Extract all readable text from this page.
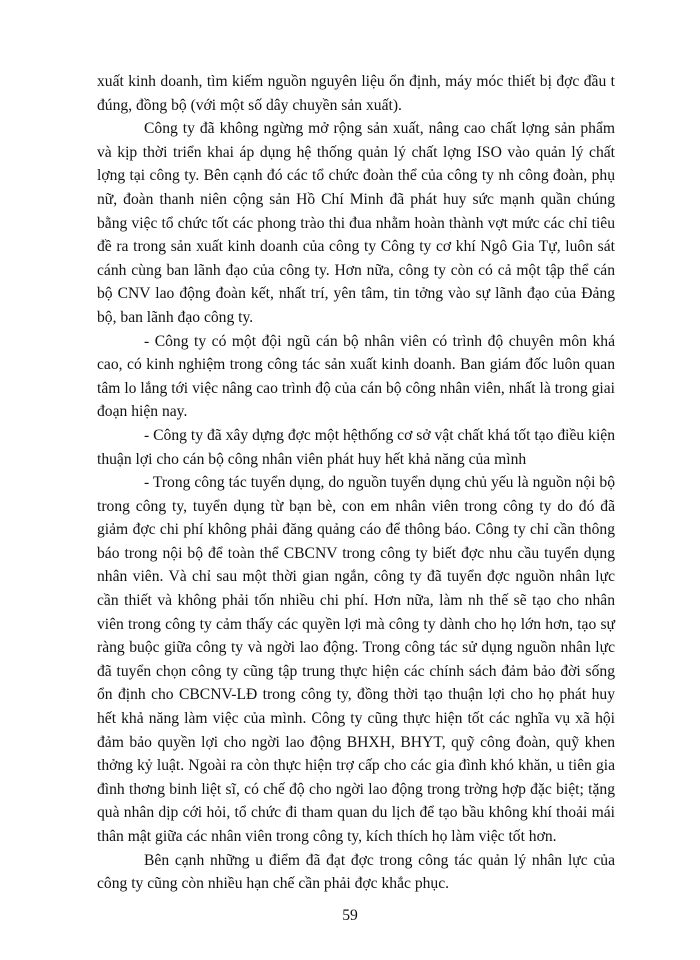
xuất kinh doanh, tìm kiếm nguồn nguyên liệu ổn định, máy móc thiết bị đợc đầu t đúng, đồng bộ (với một số dây chuyền sản xuất).

Công ty đã không ngừng mở rộng sản xuất, nâng cao chất lợng sản phẩm và kịp thời triển khai áp dụng hệ thống quản lý chất lợng ISO vào quản lý chất lợng tại công ty. Bên cạnh đó các tổ chức đoàn thể của công ty nh công đoàn, phụ nữ, đoàn thanh niên cộng sản Hồ Chí Minh đã phát huy sức mạnh quần chúng bằng việc tổ chức tốt các phong trào thi đua nhằm hoàn thành vợt mức các chỉ tiêu đề ra trong sản xuất kinh doanh của công ty Công ty cơ khí Ngô Gia Tự, luôn sát cánh cùng ban lãnh đạo của công ty. Hơn nữa, công ty còn có cả một tập thể cán bộ CNV lao động đoàn kết, nhất trí, yên tâm, tin tởng vào sự lãnh đạo của Đảng bộ, ban lãnh đạo công ty.

- Công ty có một đội ngũ cán bộ nhân viên có trình độ chuyên môn khá cao, có kinh nghiệm trong công tác sản xuất kinh doanh. Ban giám đốc luôn quan tâm lo lắng tới việc nâng cao trình độ của cán bộ công nhân viên, nhất là trong giai đoạn hiện nay.

- Công ty đã xây dựng đợc một hệthống cơ sở vật chất khá tốt tạo điều kiện thuận lợi cho cán bộ công nhân viên phát huy hết khả năng của mình

- Trong công tác tuyển dụng, do nguồn tuyển dụng chủ yếu là nguồn nội bộ trong công ty, tuyển dụng từ bạn bè, con em nhân viên trong công ty do đó đã giảm đợc chi phí không phải đăng quảng cáo để thông báo. Công ty chỉ cần thông báo trong nội bộ để toàn thể CBCNV trong công ty biết đợc nhu cầu tuyển dụng nhân viên. Và chỉ sau một thời gian ngắn, công ty đã tuyển đợc nguồn nhân lực cần thiết và không phải tốn nhiều chi phí. Hơn nữa, làm nh thế sẽ tạo cho nhân viên trong công ty cảm thấy các quyền lợi mà công ty dành cho họ lớn hơn, tạo sự ràng buộc giữa công ty và ngời lao động. Trong công tác sử dụng nguồn nhân lực đã tuyển chọn công ty cũng tập trung thực hiện các chính sách đảm bảo đời sống ổn định cho CBCNV-LĐ trong công ty, đồng thời tạo thuận lợi cho họ phát huy hết khả năng làm việc của mình. Công ty cũng thực hiện tốt các nghĩa vụ xã hội đảm bảo quyền lợi cho ngời lao động BHXH, BHYT, quỹ công đoàn, quỹ khen thởng kỷ luật. Ngoài ra còn thực hiện trợ cấp cho các gia đình khó khăn, u tiên gia đình thơng binh liệt sĩ, có chế độ cho ngời lao động trong trờng hợp đặc biệt; tặng quà nhân dịp cới hỏi, tổ chức đi tham quan du lịch để tạo bầu không khí thoải mái thân mật giữa các nhân viên trong công ty, kích thích họ làm việc tốt hơn.

Bên cạnh những u điểm đã đạt đợc trong công tác quản lý nhân lực của công ty cũng còn nhiều hạn chế cần phải đợc khắc phục.

59
